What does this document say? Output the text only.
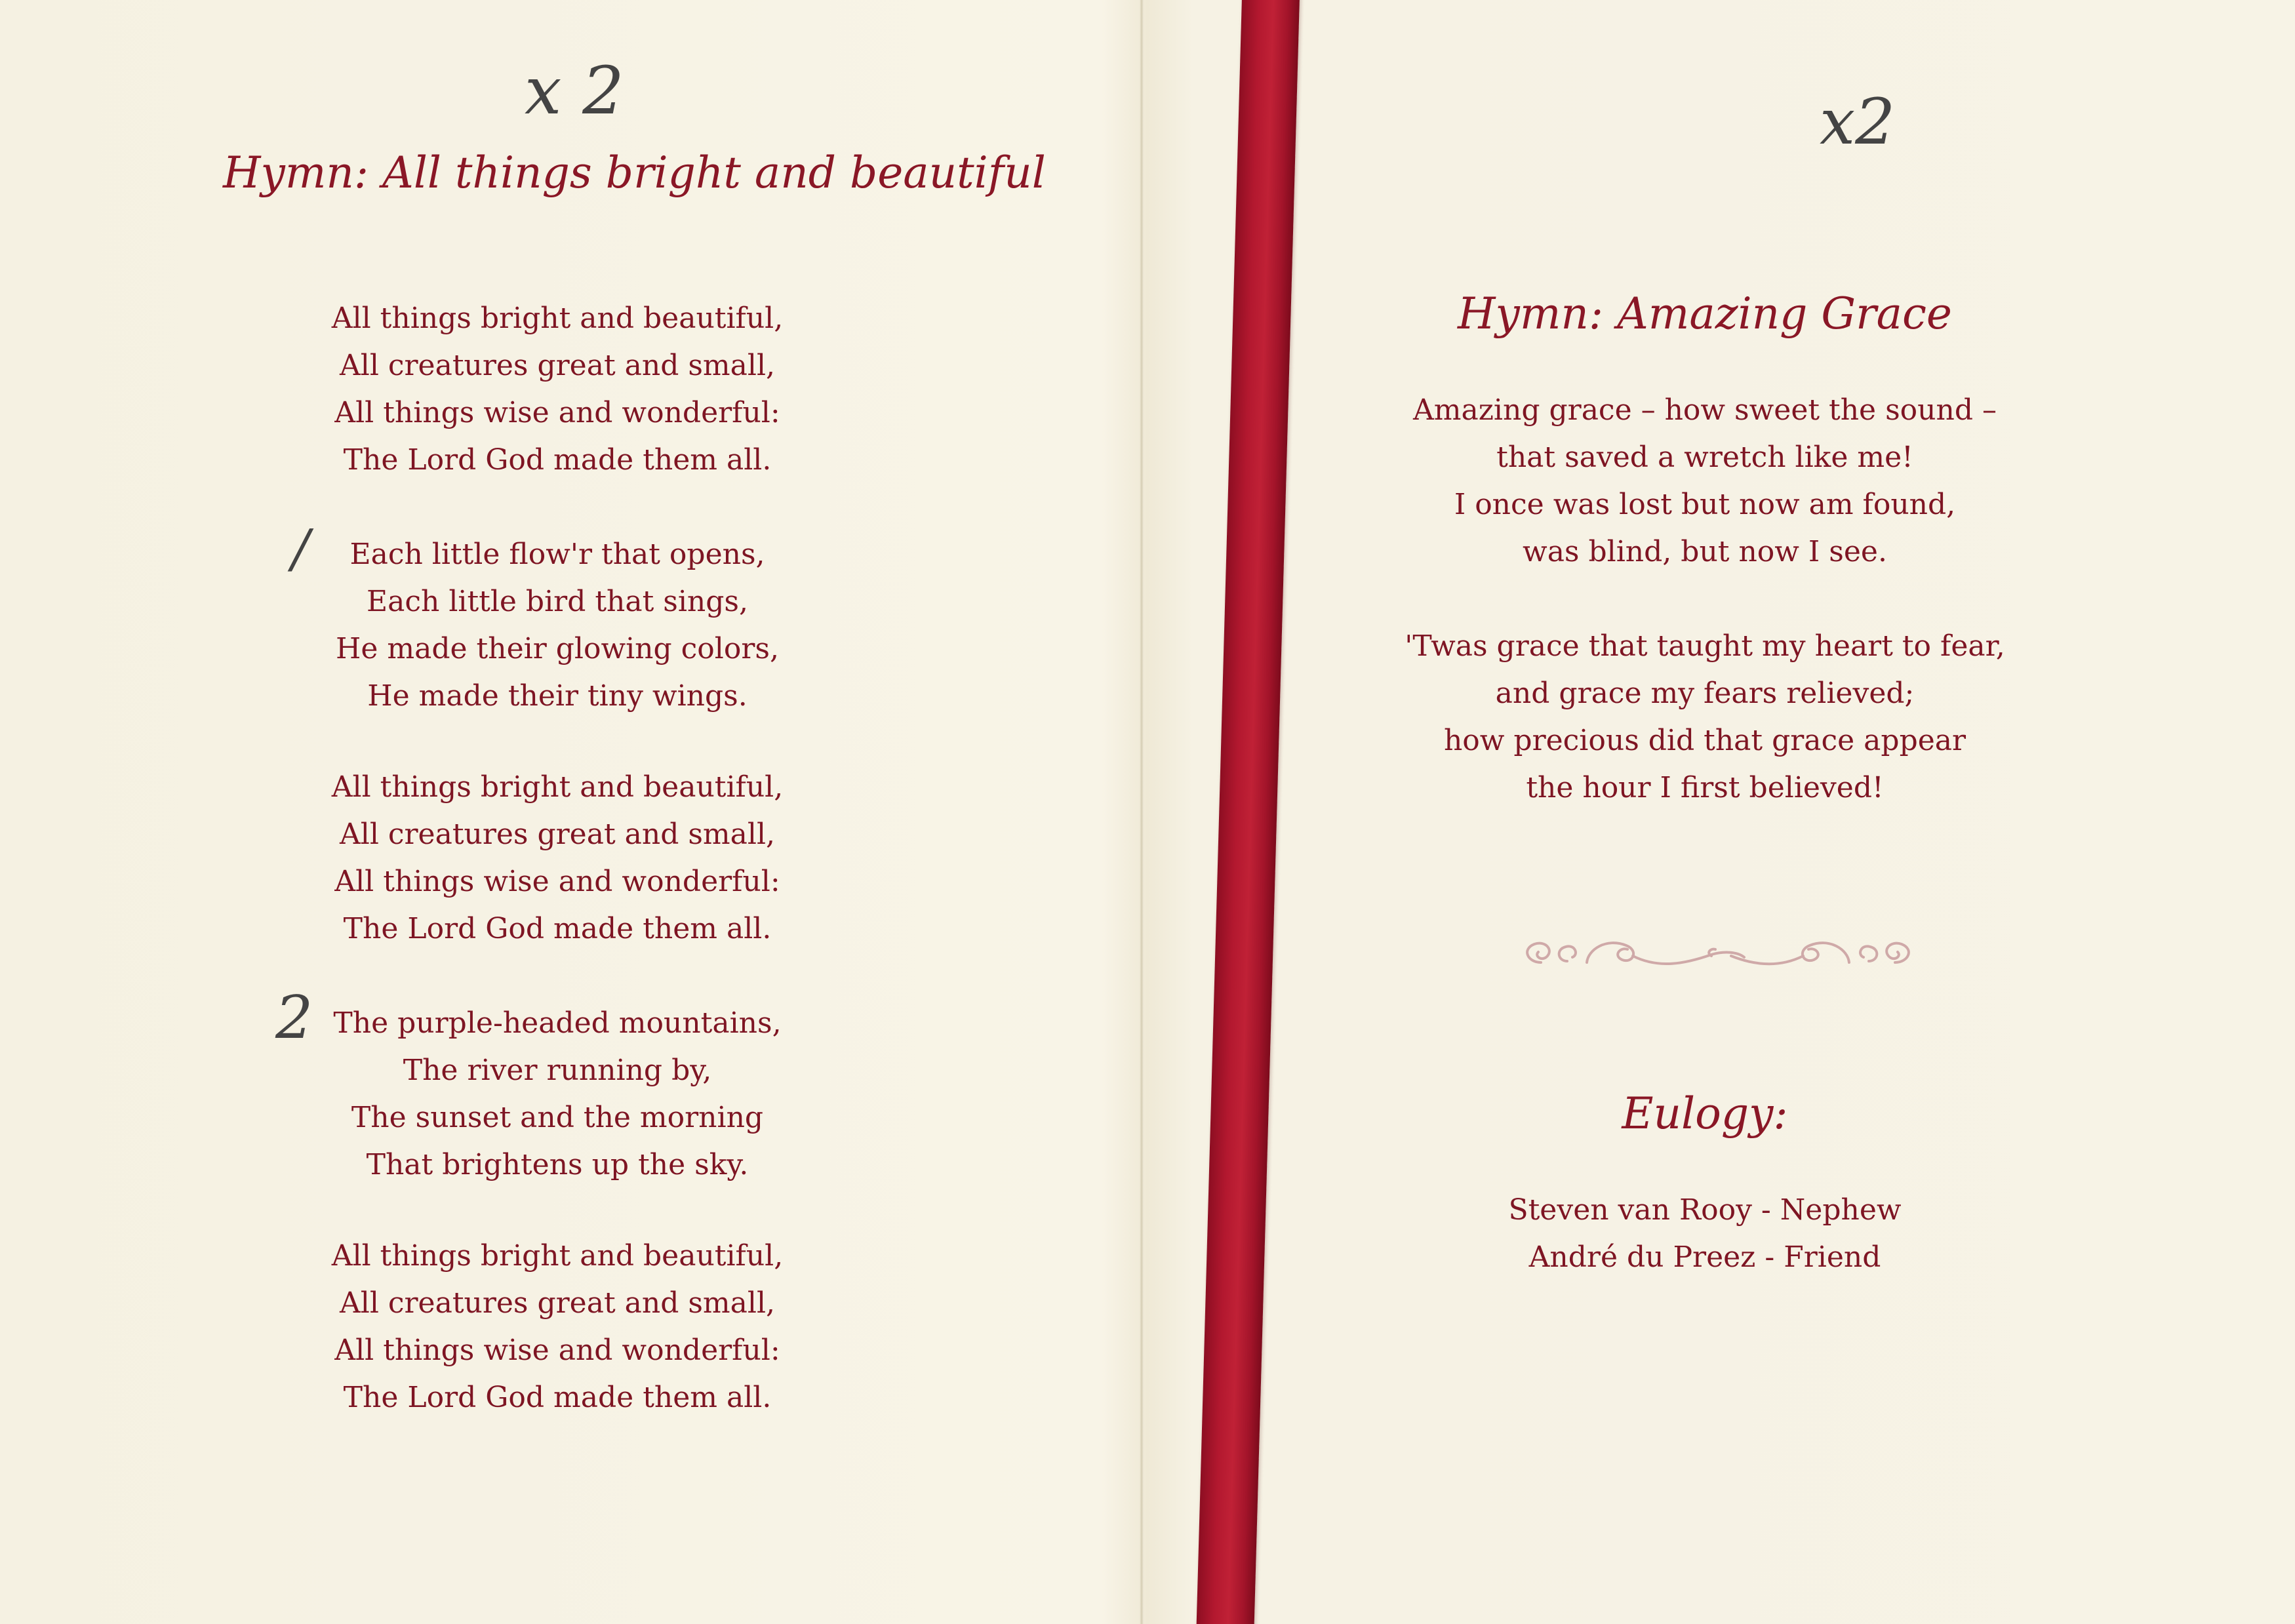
x 2
Hymn: All things bright and beautiful
All things bright and beautiful,
All creatures great and small,
All things wise and wonderful:
The Lord God made them all.
/	Each little flow'r that opens,
Each little bird that sings,
He made their glowing colors,
He made their tiny wings.
All things bright and beautiful,
All creatures great and small,
All things wise and wonderful:
The Lord God made them all.
2 The purple-headed mountains,
The river running by,
The sunset and the morning
That brightens up the sky.
All things bright and beautiful,
All creatures great and small,
All things wise and wonderful:
The Lord God made them all.
x2
Hymn: Amazing Grace
Amazing grace – how sweet the sound –
that saved a wretch like me!
I once was lost but now am found,
was blind, but now I see.
'Twas grace that taught my heart to fear,
and grace my fears relieved;
how precious did that grace appear
the hour I first believed!
Eulogy:
Steven van Rooy - Nephew
André du Preez - Friend
